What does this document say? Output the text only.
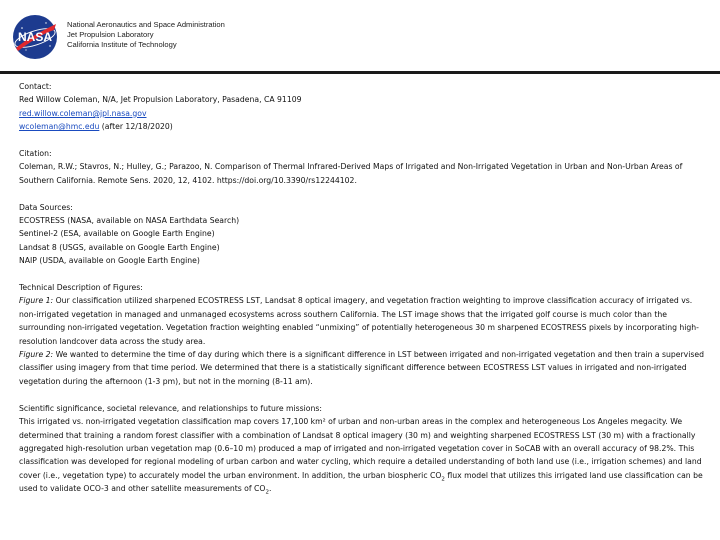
NASA
National Aeronautics and Space Administration
Jet Propulsion Laboratory
California Institute of Technology

Contact:

Red Willow Coleman, N/A, Jet Propulsion Laboratory, Pasadena, CA 91109

red.willow.coleman@jpl.nasa.gov

wcoleman@hmc.edu (after 12/18/2020)

Citation:

Coleman, R.W.; Stavros, N.; Hulley, G.; Parazoo, N. Comparison of Thermal Infrared-Derived Maps of Irrigated and Non-Irrigated Vegetation in Urban and Non-Urban Areas of Southern California. Remote Sens. 2020, 12, 4102. https://doi.org/10.3390/rs12244102.

Data Sources:

ECOSTRESS (NASA, available on NASA Earthdata Search)

Sentinel-2 (ESA, available on Google Earth Engine)

Landsat 8 (USGS, available on Google Earth Engine)

NAIP (USDA, available on Google Earth Engine)

Technical Description of Figures:

Figure 1: Our classification utilized sharpened ECOSTRESS LST, Landsat 8 optical imagery, and vegetation fraction weighting to improve classification accuracy of irrigated vs. non-irrigated vegetation in managed and unmanaged ecosystems across southern California. The LST image shows that the irrigated golf course is much color than the surrounding non-irrigated vegetation. Vegetation fraction weighting enabled “unmixing” of potentially heterogeneous 30 m sharpened ECOSTRESS pixels by incorporating high-resolution landcover data across the study area.

Figure 2: We wanted to determine the time of day during which there is a significant difference in LST between irrigated and non-irrigated vegetation and then train a supervised classifier using imagery from that time period. We determined that there is a statistically significant difference between ECOSTRESS LST values in irrigated and non-irrigated vegetation during the afternoon (1-3 pm), but not in the morning (8-11 am).

Scientific significance, societal relevance, and relationships to future missions:

This irrigated vs. non-irrigated vegetation classification map covers 17,100 km² of urban and non-urban areas in the complex and heterogeneous Los Angeles megacity. We determined that training a random forest classifier with a combination of Landsat 8 optical imagery (30 m) and weighting sharpened ECOSTRESS LST (30 m) with a fractionally aggregated high-resolution urban vegetation map (0.6–10 m) produced a map of irrigated and non-irrigated vegetation cover in SoCAB with an overall accuracy of 98.2%. This classification was developed for regional modeling of urban carbon and water cycling, which require a detailed understanding of both land use (i.e., irrigation schemes) and land cover (i.e., vegetation type) to accurately model the urban environment. In addition, the urban biospheric $CO_2$ flux model that utilizes this irrigated land use classification can be used to validate OCO-3 and other satellite measurements of $CO_2$.
